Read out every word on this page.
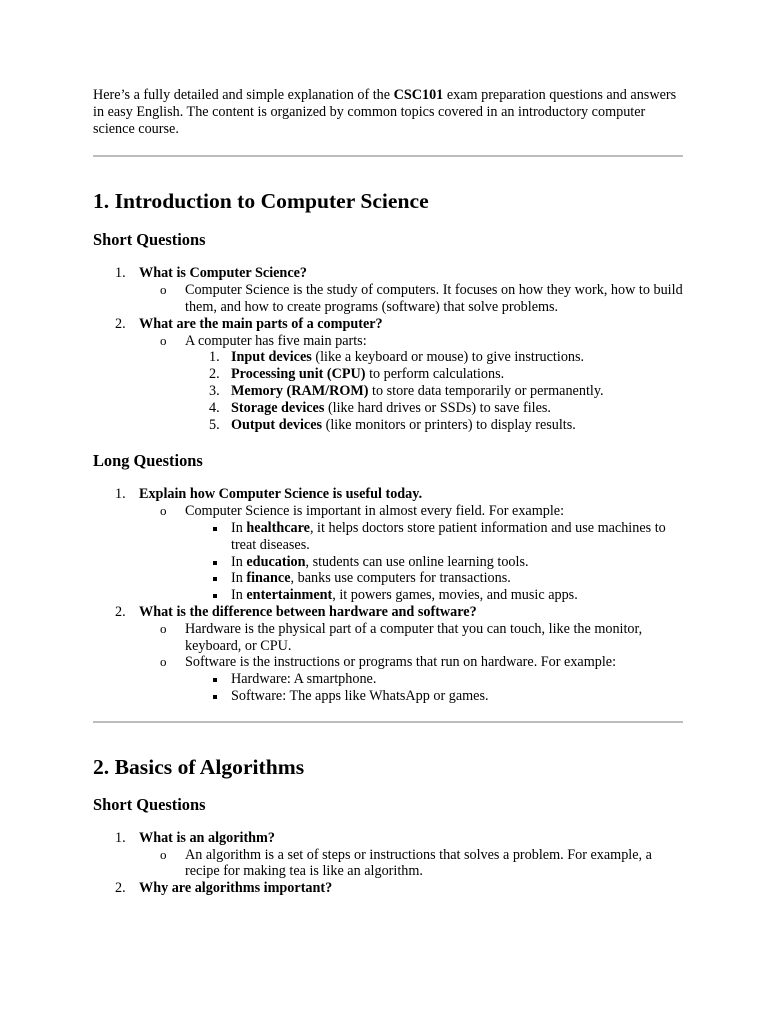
Here’s a fully detailed and simple explanation of the CSC101 exam preparation questions and answers in easy English. The content is organized by common topics covered in an introductory computer science course.

1. Introduction to Computer Science
Short Questions
1. What is Computer Science?
o Computer Science is the study of computers. It focuses on how they work, how to build them, and how to create programs (software) that solve problems.
2. What are the main parts of a computer?
o A computer has five main parts:
1. Input devices (like a keyboard or mouse) to give instructions.
2. Processing unit (CPU) to perform calculations.
3. Memory (RAM/ROM) to store data temporarily or permanently.
4. Storage devices (like hard drives or SSDs) to save files.
5. Output devices (like monitors or printers) to display results.
Long Questions
1. Explain how Computer Science is useful today.
o Computer Science is important in almost every field. For example:
In healthcare, it helps doctors store patient information and use machines to treat diseases.
In education, students can use online learning tools.
In finance, banks use computers for transactions.
In entertainment, it powers games, movies, and music apps.
2. What is the difference between hardware and software?
o Hardware is the physical part of a computer that you can touch, like the monitor, keyboard, or CPU.
o Software is the instructions or programs that run on hardware. For example:
Hardware: A smartphone.
Software: The apps like WhatsApp or games.
2. Basics of Algorithms
Short Questions
1. What is an algorithm?
o An algorithm is a set of steps or instructions that solves a problem. For example, a recipe for making tea is like an algorithm.
2. Why are algorithms important?
